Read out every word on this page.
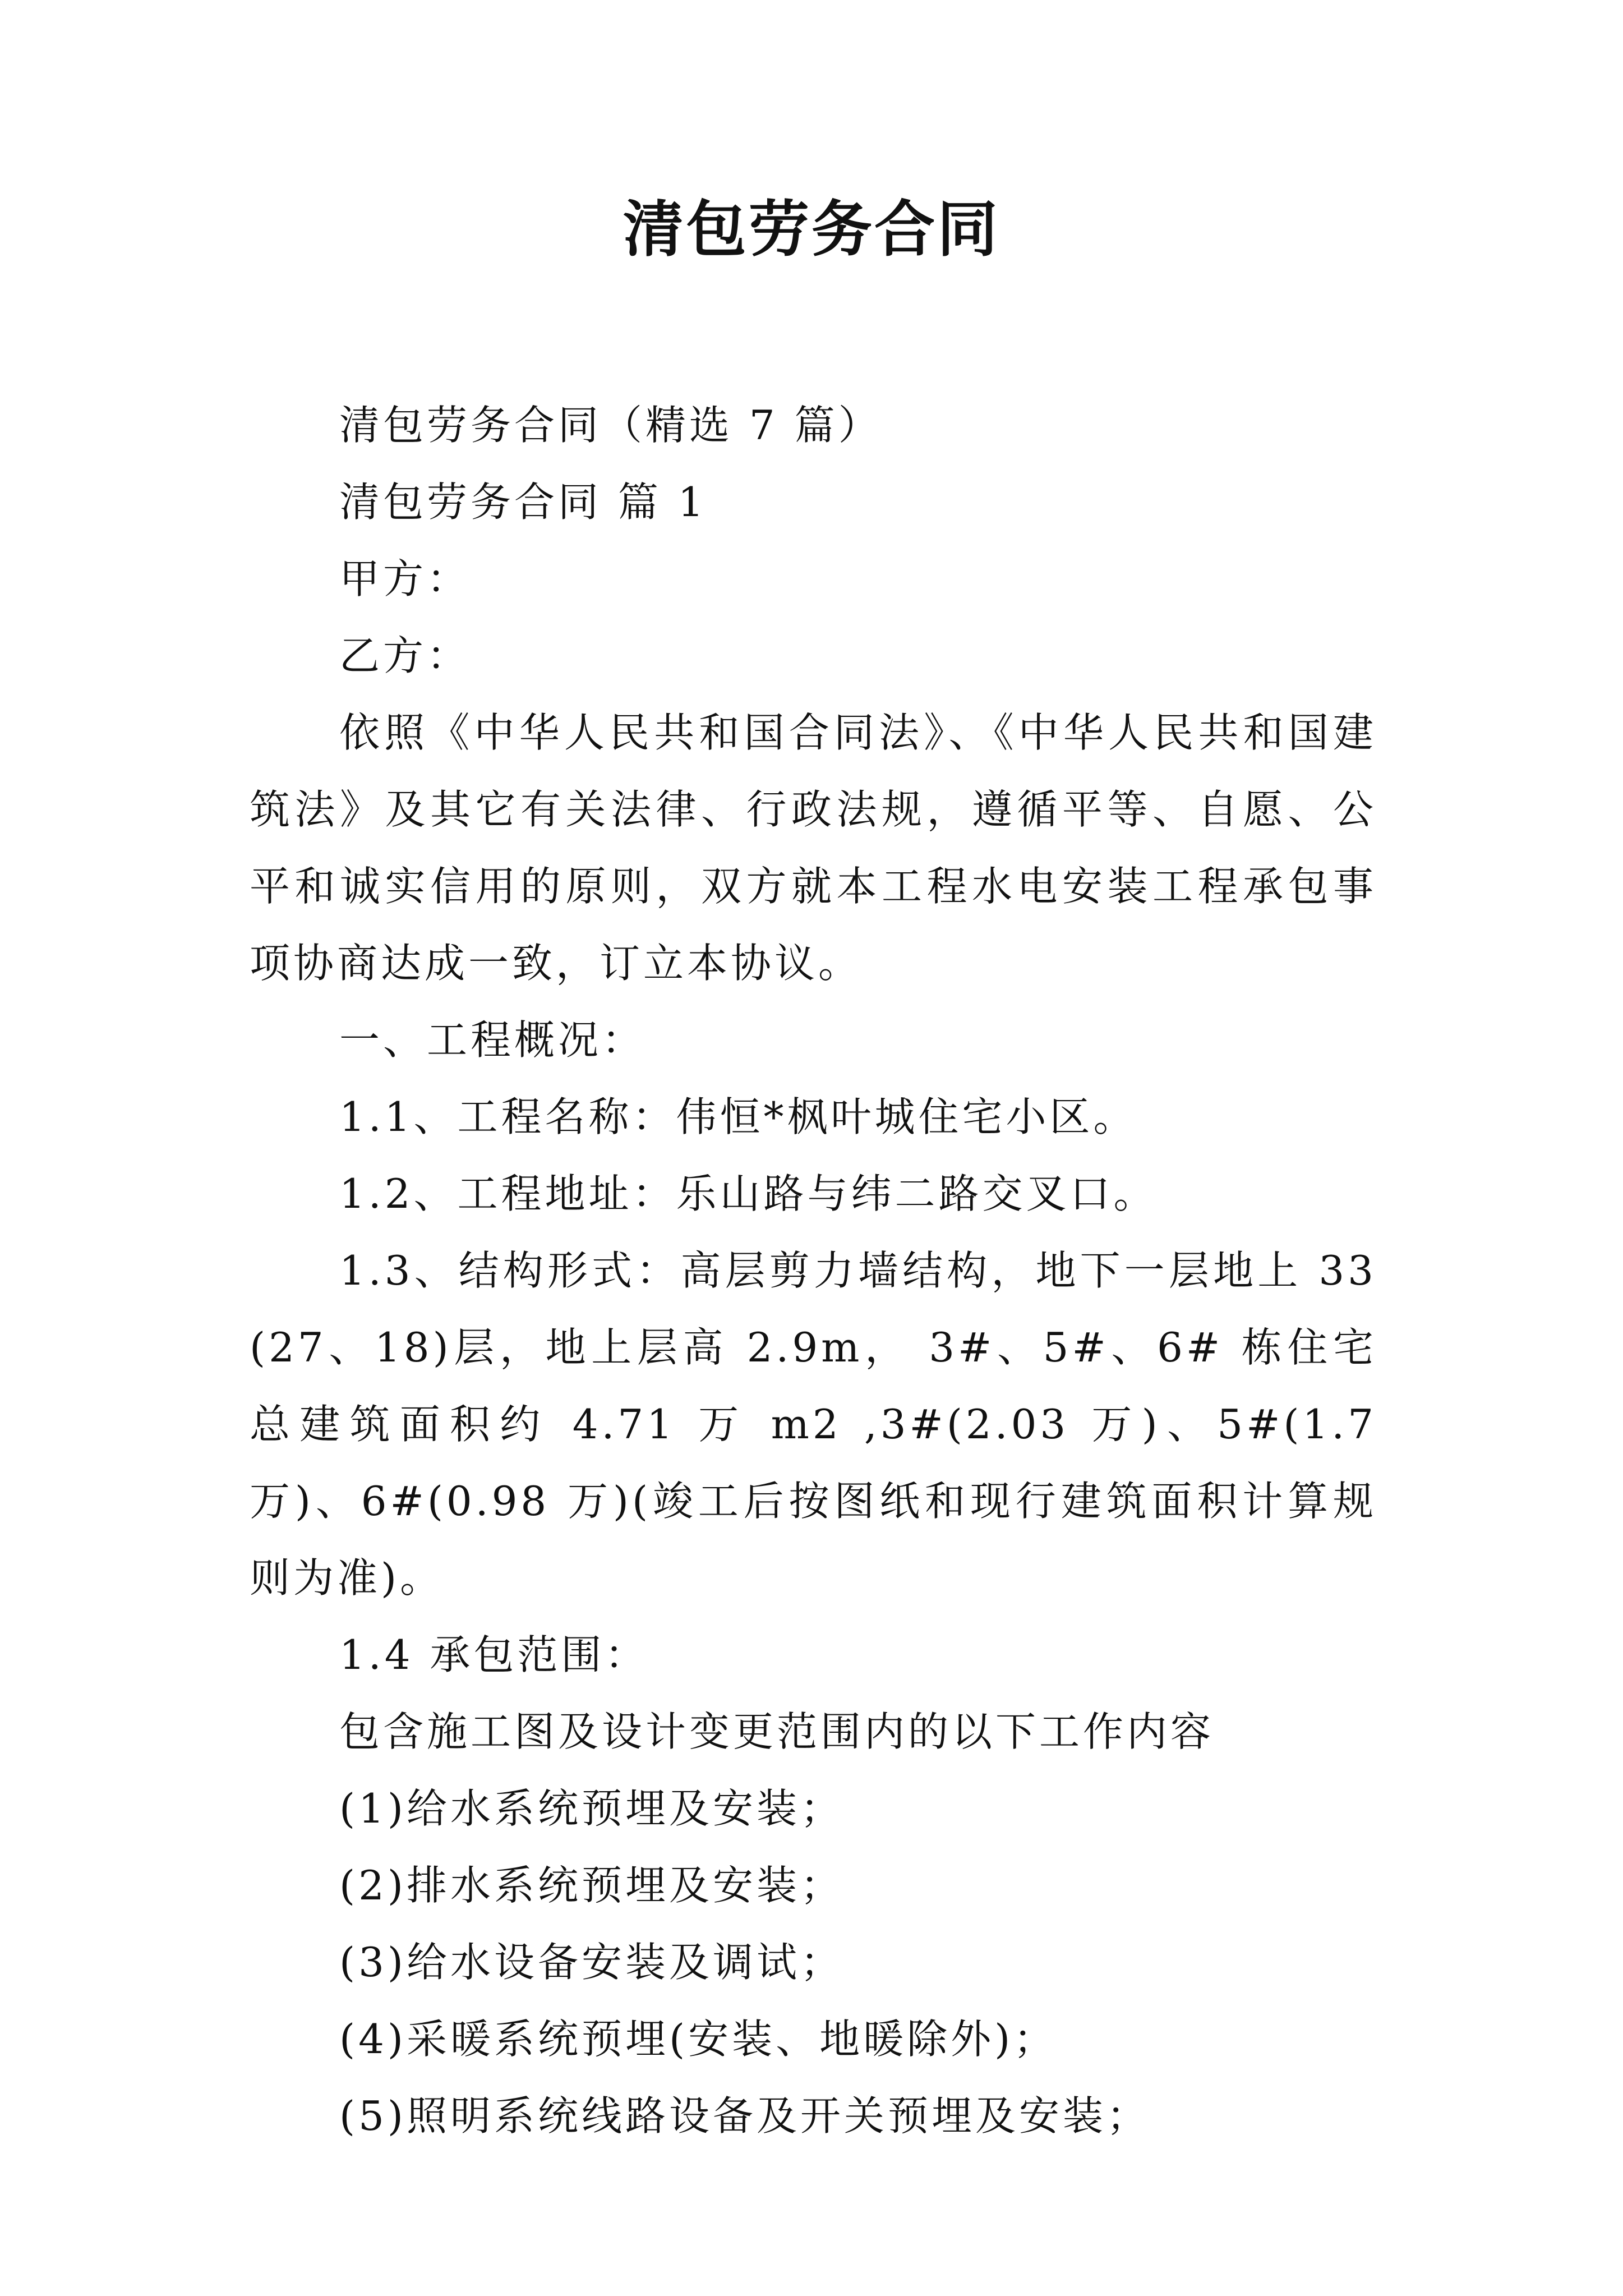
清包劳务合同

清包劳务合同（精选 7 篇）

清包劳务合同 篇 1

甲方：

乙方：

依照《中华人民共和国合同法》、《中华人民共和国建筑法》及其它有关法律、行政法规，遵循平等、自愿、公平和诚实信用的原则，双方就本工程水电安装工程承包事项协商达成一致，订立本协议。

一、工程概况：

1.1、工程名称：伟恒*枫叶城住宅小区。

1.2、工程地址：乐山路与纬二路交叉口。

1.3、结构形式：高层剪力墙结构，地下一层地上 33(27、18)层，地上层高 2.9m， 3#、5#、6# 栋住宅总建筑面积约 4.71 万 m2 ,3#(2.03 万)、5#(1.7 万)、6#(0.98 万)(竣工后按图纸和现行建筑面积计算规则为准)。

1.4 承包范围：

包含施工图及设计变更范围内的以下工作内容

(1)给水系统预埋及安装；

(2)排水系统预埋及安装；

(3)给水设备安装及调试；

(4)采暖系统预埋(安装、地暖除外)；

(5)照明系统线路设备及开关预埋及安装；
